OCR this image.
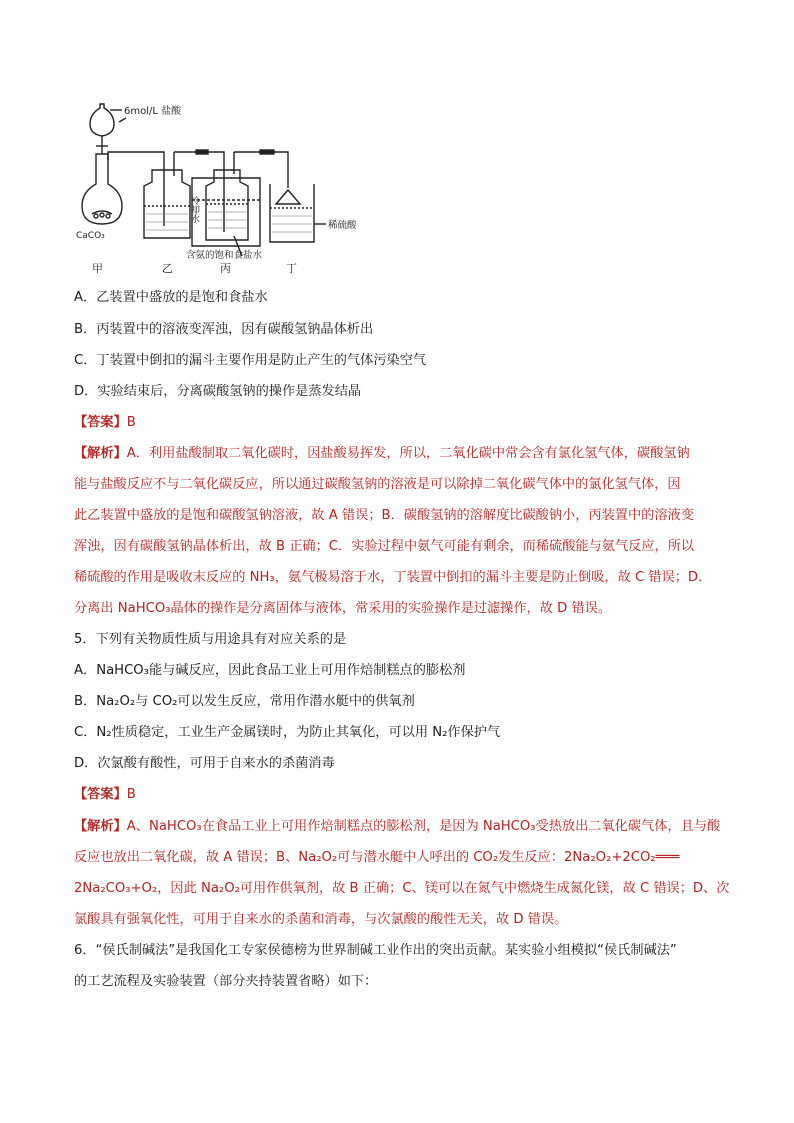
6mol/L 盐酸
CaCO₃
冷却水
含氨的饱和食盐水
稀硫酸
甲	乙	丙	丁
A．乙装置中盛放的是饱和食盐水
B．丙装置中的溶液变浑浊，因有碳酸氢钠晶体析出
C．丁装置中倒扣的漏斗主要作用是防止产生的气体污染空气
D．实验结束后，分离碳酸氢钠的操作是蒸发结晶
【答案】B
【解析】A．利用盐酸制取二氧化碳时，因盐酸易挥发，所以，二氧化碳中常会含有氯化氢气体，碳酸氢钠
能与盐酸反应不与二氧化碳反应，所以通过碳酸氢钠的溶液是可以除掉二氧化碳气体中的氯化氢气体，因
此乙装置中盛放的是饱和碳酸氢钠溶液，故 A 错误；B．碳酸氢钠的溶解度比碳酸钠小，丙装置中的溶液变
浑浊，因有碳酸氢钠晶体析出，故 B 正确；C．实验过程中氨气可能有剩余，而稀硫酸能与氨气反应，所以
稀硫酸的作用是吸收末反应的 NH₃，氨气极易溶于水，丁装置中倒扣的漏斗主要是防止倒吸，故 C 错误；D．
分离出 NaHCO₃晶体的操作是分离固体与液体，常采用的实验操作是过滤操作，故 D 错误。
5．下列有关物质性质与用途具有对应关系的是
A．NaHCO₃能与碱反应，因此食品工业上可用作焙制糕点的膨松剂
B．Na₂O₂与 CO₂可以发生反应，常用作潜水艇中的供氧剂
C．N₂性质稳定，工业生产金属镁时，为防止其氧化，可以用 N₂作保护气
D．次氯酸有酸性，可用于自来水的杀菌消毒
【答案】B
【解析】A、NaHCO₃在食品工业上可用作焙制糕点的膨松剂，是因为 NaHCO₃受热放出二氧化碳气体，且与酸
反应也放出二氧化碳，故 A 错误；B、Na₂O₂可与潜水艇中人呼出的 CO₂发生反应：2Na₂O₂+2CO₂═══
2Na₂CO₃+O₂，因此 Na₂O₂可用作供氧剂，故 B 正确；C、镁可以在氮气中燃烧生成氮化镁，故 C 错误；D、次
氯酸具有强氧化性，可用于自来水的杀菌和消毒，与次氯酸的酸性无关，故 D 错误。
6．“侯氏制碱法”是我国化工专家侯德榜为世界制碱工业作出的突出贡献。某实验小组模拟“侯氏制碱法”
的工艺流程及实验装置（部分夹持装置省略）如下：
